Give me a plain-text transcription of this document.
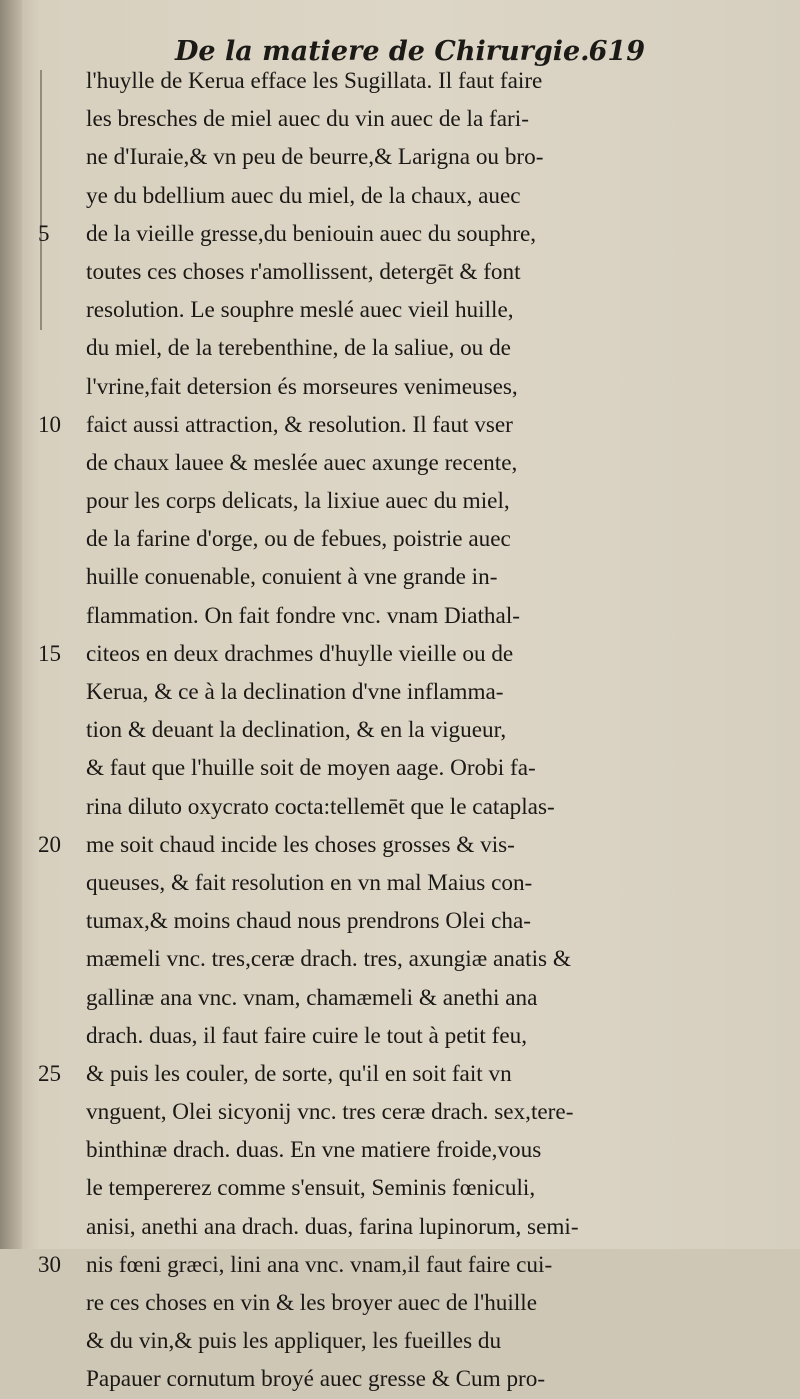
De la matiere de Chirurgie. 619
l'huylle de Kerua efface les Sugillata. Il faut faire
les bresches de miel auec du vin auec de la fari-
ne d'Iuraie,& vn peu de beurre,& Larigna ou bro-
ye du bdellium auec du miel, de la chaux, auec
5	de la vieille gresse,du beniouin auec du souphre,
toutes ces choses r'amollissent, detergēt & font
resolution. Le souphre meslé auec vieil huille,
du miel, de la terebenthine, de la saliue, ou de
l'vrine,fait detersion és morseures venimeuses,
10	faict aussi attraction, & resolution. Il faut vser
de chaux lauee & meslée auec axunge recente,
pour les corps delicats, la lixiue auec du miel,
de la farine d'orge, ou de febues, poistrie auec
huille conuenable, conuient à vne grande in-
flammation. On fait fondre vnc. vnam Diathal-
15	citeos en deux drachmes d'huylle vieille ou de
Kerua, & ce à la declination d'vne inflamma-
tion & deuant la declination, & en la vigueur,
& faut que l'huille soit de moyen aage. Orobi fa-
rina diluto oxycrato cocta:tellemēt que le cataplas-
20	me soit chaud incide les choses grosses & vis-
queuses, & fait resolution en vn mal Maius con-
tumax,& moins chaud nous prendrons Olei cha-
mæmeli vnc. tres,ceræ drach. tres, axungiæ anatis &
gallinæ ana vnc. vnam, chamæmeli & anethi ana
drach. duas, il faut faire cuire le tout à petit feu,
25	& puis les couler, de sorte, qu'il en soit fait vn
vnguent, Olei sicyonij vnc. tres ceræ drach. sex,tere-
binthinæ drach. duas. En vne matiere froide,vous
le tempererez comme s'ensuit, Seminis fœniculi,
anisi, anethi ana drach. duas, farina lupinorum, semi-
30	nis fœni græci, lini ana vnc. vnam,il faut faire cui-
re ces choses en vin & les broyer auec de l'huille
& du vin,& puis les appliquer, les fueilles du
Papauer cornutum broyé auec gresse & Cum pro-
